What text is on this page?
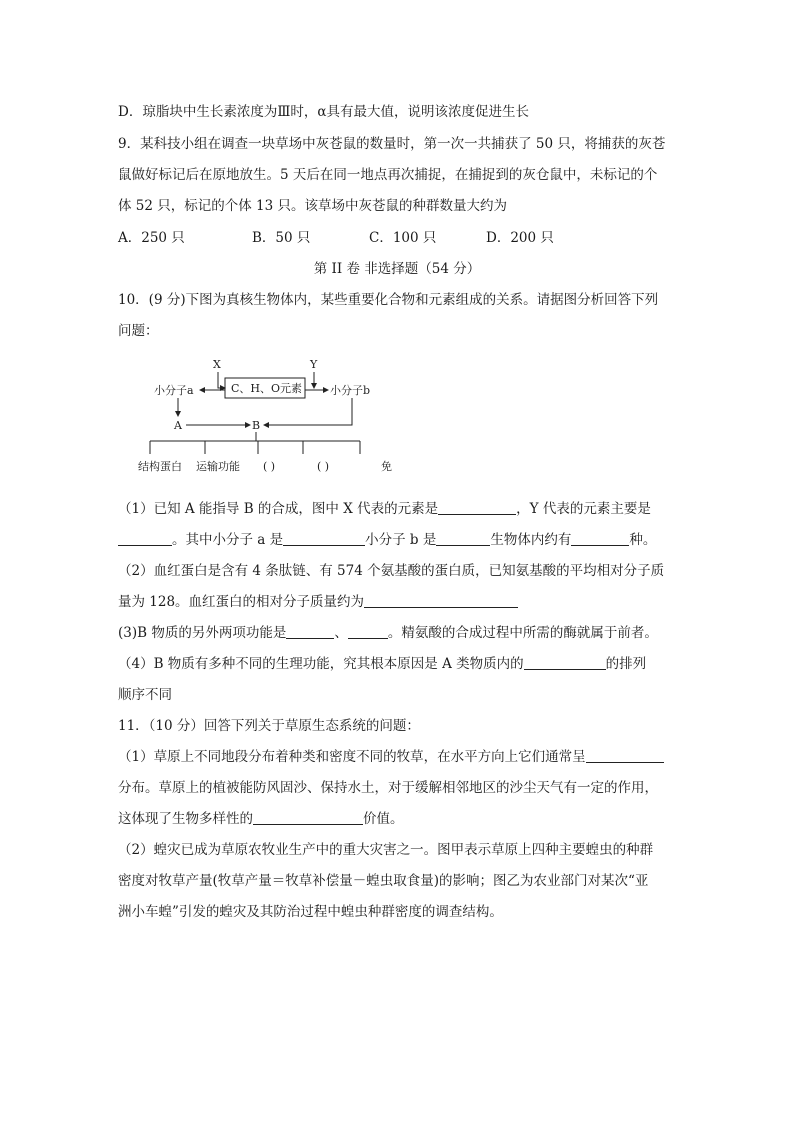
D．琼脂块中生长素浓度为Ⅲ时，α具有最大值，说明该浓度促进生长
9．某科技小组在调查一块草场中灰苍鼠的数量时，第一次一共捕获了 50 只，将捕获的灰苍
鼠做好标记后在原地放生。5 天后在同一地点再次捕捉，在捕捉到的灰仓鼠中，未标记的个
体 52 只，标记的个体 13 只。该草场中灰苍鼠的种群数量大约为
A．250 只	B．50 只	C．100 只	D．200 只
第 II 卷 非选择题（54 分）
10．(9 分)下图为真核生物体内，某些重要化合物和元素组成的关系。请据图分析回答下列
问题：
X	Y
C、H、O元素
小分子a	小分子b
A	B
结构蛋白 运输功能 ( )	( )	免
（1）已知 A 能指导 B 的合成，图中 X 代表的元素是	，Y 代表的元素主要是
。其中小分子 a 是	小分子 b 是	生物体内约有	种。
（2）血红蛋白是含有 4 条肽链、有 574 个氨基酸的蛋白质，已知氨基酸的平均相对分子质
量为 128。血红蛋白的相对分子质量约为
(3)B 物质的另外两项功能是	、	。精氨酸的合成过程中所需的酶就属于前者。
（4）B 物质有多种不同的生理功能，究其根本原因是 A 类物质内的	的排列
顺序不同
11．（10 分）回答下列关于草原生态系统的问题：
（1）草原上不同地段分布着种类和密度不同的牧草，在水平方向上它们通常呈
分布。草原上的植被能防风固沙、保持水土，对于缓解相邻地区的沙尘天气有一定的作用，
这体现了生物多样性的	价值。
（2）蝗灾已成为草原农牧业生产中的重大灾害之一。图甲表示草原上四种主要蝗虫的种群
密度对牧草产量(牧草产量＝牧草补偿量－蝗虫取食量)的影响；图乙为农业部门对某次“亚
洲小车蝗”引发的蝗灾及其防治过程中蝗虫种群密度的调查结构。
